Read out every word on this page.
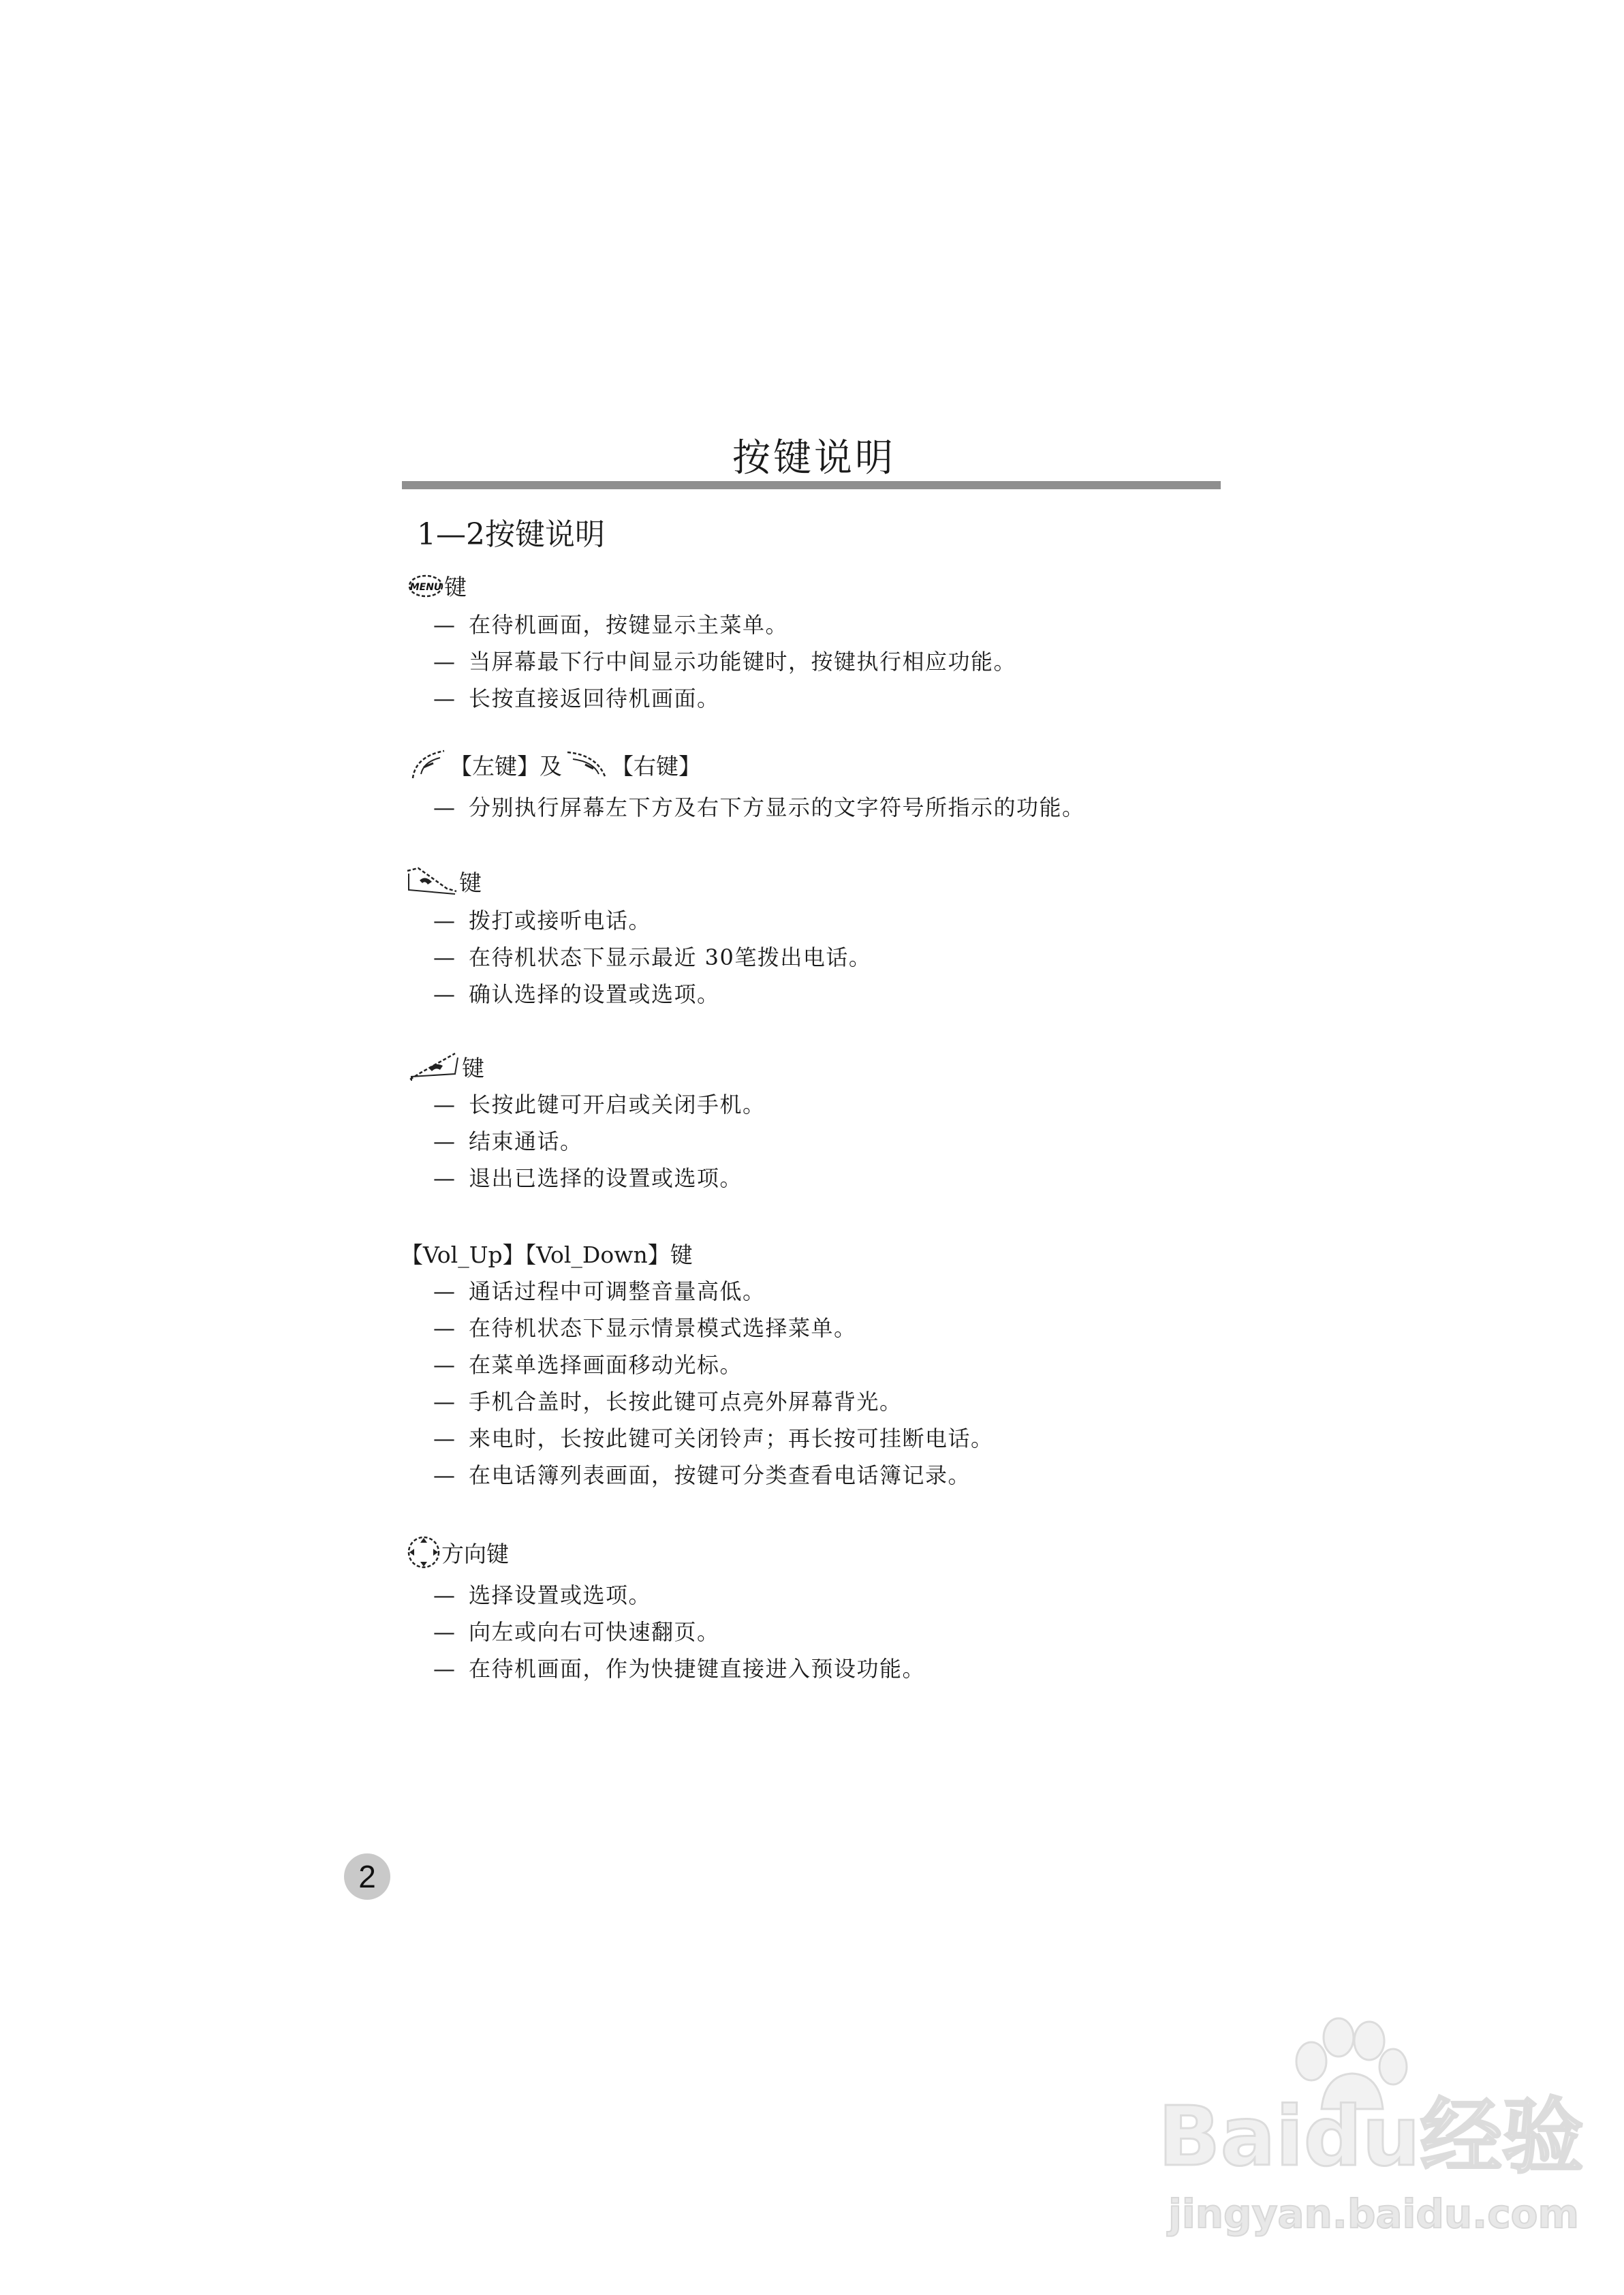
按键说明
1—2按键说明
MENU 键
— 在待机画面，按键显示主菜单。
— 当屏幕最下行中间显示功能键时，按键执行相应功能。
— 长按直接返回待机画面。
【左键】及 【右键】
— 分别执行屏幕左下方及右下方显示的文字符号所指示的功能。
键
— 拨打或接听电话。
— 在待机状态下显示最近 30笔拨出电话。
— 确认选择的设置或选项。
键
— 长按此键可开启或关闭手机。
— 结束通话。
— 退出已选择的设置或选项。
【Vol_Up】【Vol_Down】键
— 通话过程中可调整音量高低。
— 在待机状态下显示情景模式选择菜单。
— 在菜单选择画面移动光标。
— 手机合盖时，长按此键可点亮外屏幕背光。
— 来电时，长按此键可关闭铃声；再长按可挂断电话。
— 在电话簿列表画面，按键可分类查看电话簿记录。
方向键
— 选择设置或选项。
— 向左或向右可快速翻页。
— 在待机画面，作为快捷键直接进入预设功能。
2
Baidu经验
jingyan.baidu.com
